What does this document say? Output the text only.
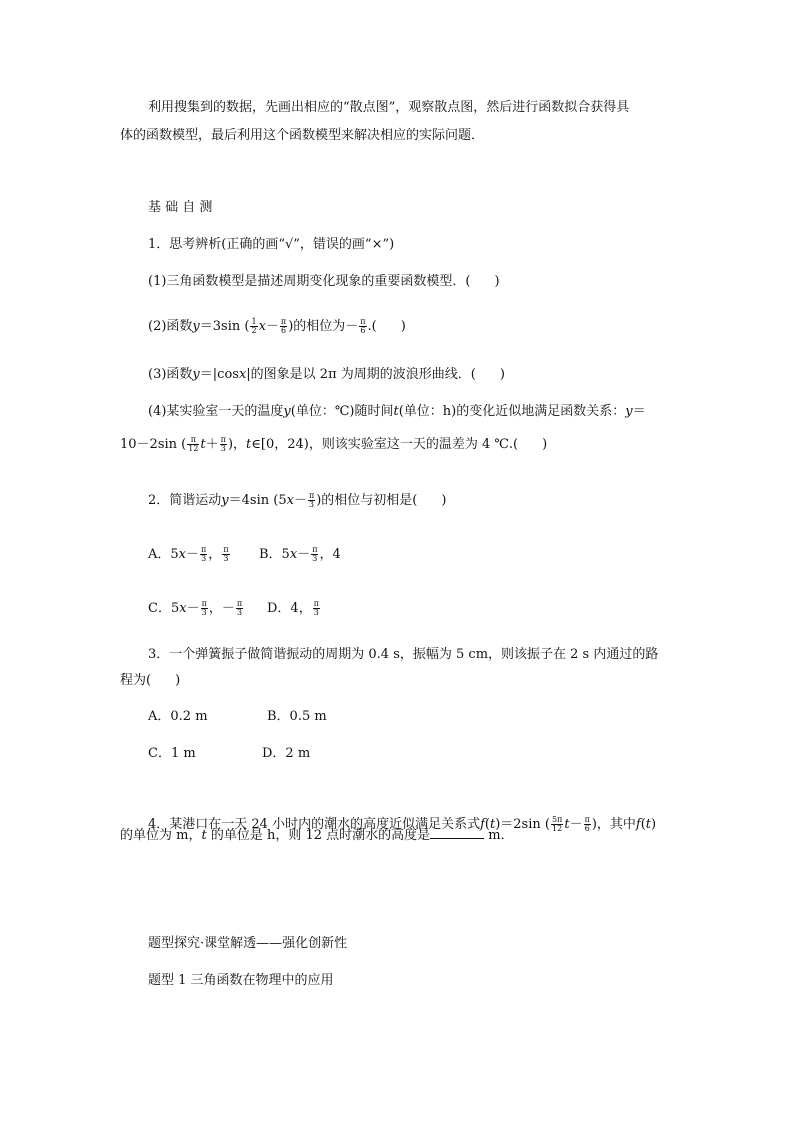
利用搜集到的数据，先画出相应的“散点图”，观察散点图，然后进行函数拟合获得具
体的函数模型，最后利用这个函数模型来解决相应的实际问题．
基 础 自 测
1．思考辨析(正确的画“√”，错误的画“×”)
(1)三角函数模型是描述周期变化现象的重要函数模型．( )
(2)函数y＝3sin ( $\frac{1}{2} x- \frac{\pi}{6}$ )的相位为－ $\frac{\pi}{6}$ .( )
(3)函数y＝|cosx|的图象是以 2π 为周期的波浪形曲线．( )
(4)某实验室一天的温度y(单位：℃)随时间t(单位：h)的变化近似地满足函数关系：y＝
10－2sin ( $\frac{\pi}{12} t+ \frac{\pi}{3}$ )，t∈[0，24)，则该实验室这一天的温差为 4 ℃.( )
2．简谐运动y＝4sin ($5x- \frac{\pi}{3}$ )的相位与初相是( )
A．$5x- \frac{\pi}{3}$ ， $\frac{\pi}{3}$ B．$5x- \frac{\pi}{3}$ ，4
C．$5x- \frac{\pi}{3}$ ，－ $\frac{\pi}{3}$ D．4， $\frac{\pi}{3}$
3．一个弹簧振子做简谐振动的周期为 0.4 s，振幅为 5 cm，则该振子在 2 s 内通过的路
程为( )
A．0.2 m	B．0.5 m
C．1 m	D．2 m
4．某港口在一天 24 小时内的潮水的高度近似满足关系式f(t)＝2sin ( $\frac{5\pi}{12} t- \frac{\pi}{6}$ )，其中f(t)
的单位为 m，t 的单位是 h，则 12 点时潮水的高度是	m．
题型探究·课堂解透——强化创新性
题型 1 三角函数在物理中的应用
